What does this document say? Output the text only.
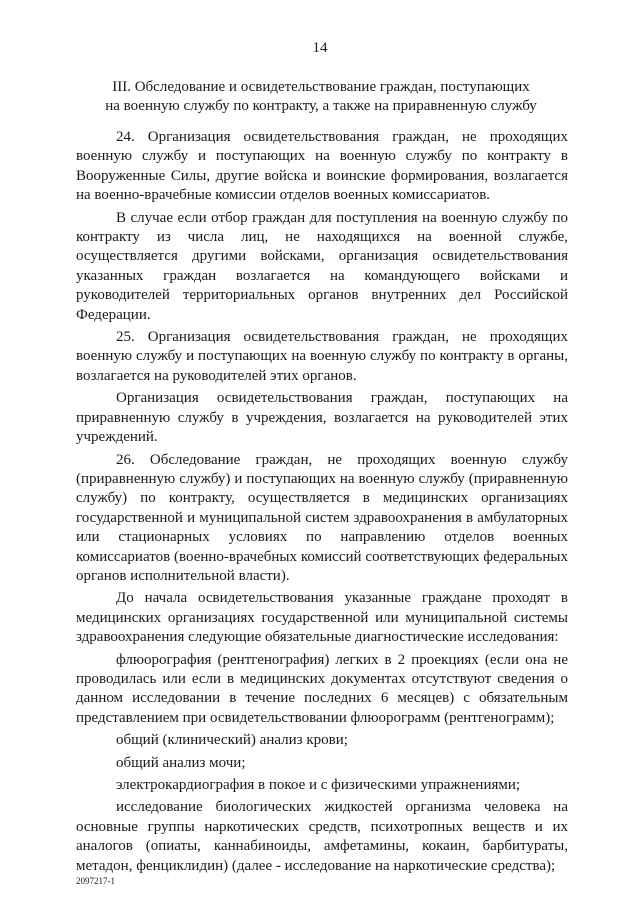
14
III. Обследование и освидетельствование граждан, поступающих
на военную службу по контракту, а также на приравненную службу

24. Организация освидетельствования граждан, не проходящих военную службу и поступающих на военную службу по контракту в Вооруженные Силы, другие войска и воинские формирования, возлагается на военно-врачебные комиссии отделов военных комиссариатов.

В случае если отбор граждан для поступления на военную службу по контракту из числа лиц, не находящихся на военной службе, осуществляется другими войсками, организация освидетельствования указанных граждан возлагается на командующего войсками и руководителей территориальных органов внутренних дел Российской Федерации.

25. Организация освидетельствования граждан, не проходящих военную службу и поступающих на военную службу по контракту в органы, возлагается на руководителей этих органов.

Организация освидетельствования граждан, поступающих на приравненную службу в учреждения, возлагается на руководителей этих учреждений.

26. Обследование граждан, не проходящих военную службу (приравненную службу) и поступающих на военную службу (приравненную службу) по контракту, осуществляется в медицинских организациях государственной и муниципальной систем здравоохранения в амбулаторных или стационарных условиях по направлению отделов военных комиссариатов (военно-врачебных комиссий соответствующих федеральных органов исполнительной власти).

До начала освидетельствования указанные граждане проходят в медицинских организациях государственной или муниципальной системы здравоохранения следующие обязательные диагностические исследования:

флюорография (рентгенография) легких в 2 проекциях (если она не проводилась или если в медицинских документах отсутствуют сведения о данном исследовании в течение последних 6 месяцев) с обязательным представлением при освидетельствовании флюорограмм (рентгенограмм);

общий (клинический) анализ крови;

общий анализ мочи;

электрокардиография в покое и с физическими упражнениями;

исследование биологических жидкостей организма человека на основные группы наркотических средств, психотропных веществ и их аналогов (опиаты, каннабиноиды, амфетамины, кокаин, барбитураты, метадон, фенциклидин) (далее - исследование на наркотические средства);

2097217-1
